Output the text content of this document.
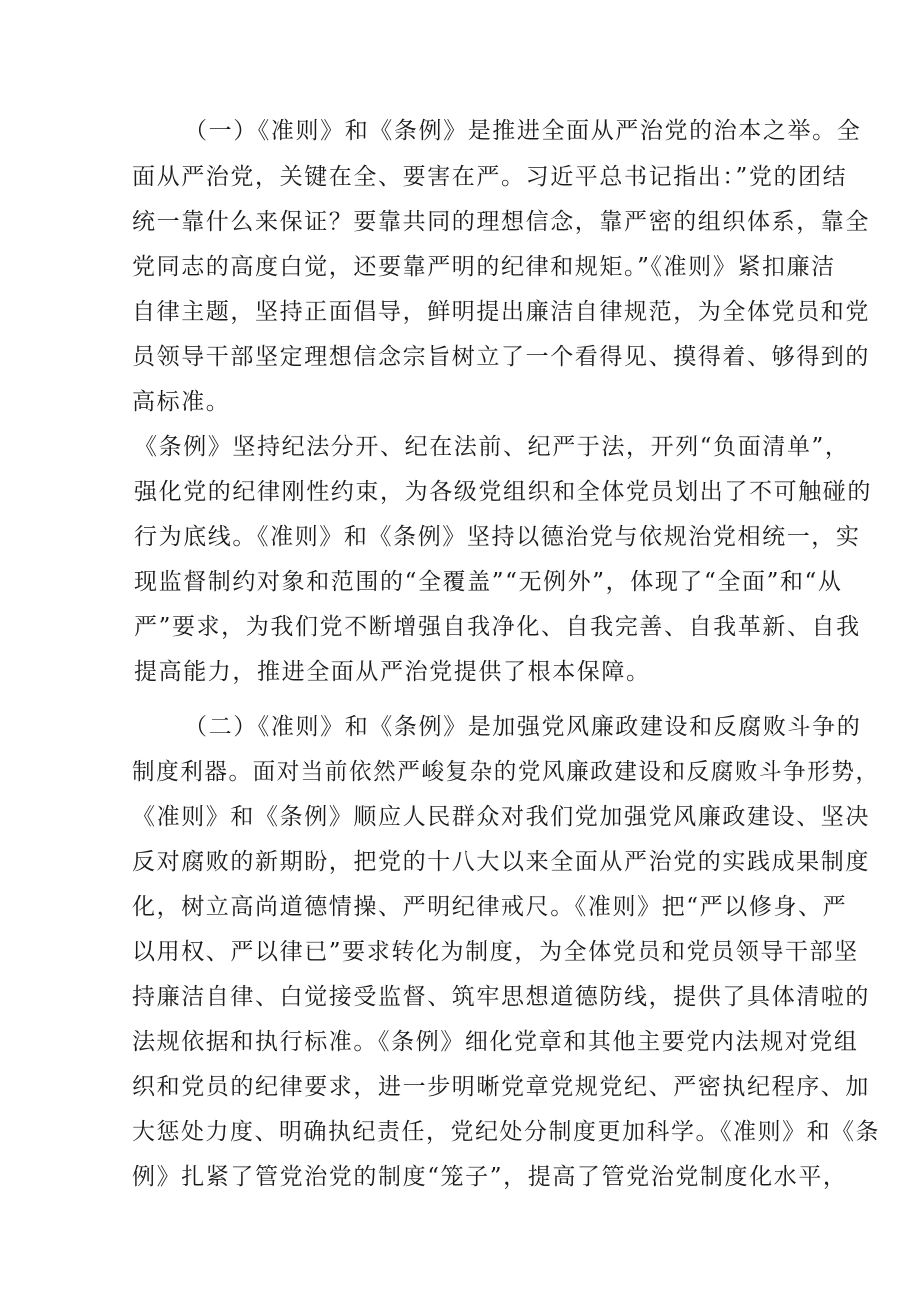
（一）《准则》和《条例》是推进全面从严治党的治本之举。全
面从严治党，关键在全、要害在严。习近平总书记指出：”党的团结
统一靠什么来保证？要靠共同的理想信念，靠严密的组织体系，靠全
党同志的高度白觉，还要靠严明的纪律和规矩。”《准则》紧扣廉洁
自律主题，坚持正面倡导，鲜明提出廉洁自律规范，为全体党员和党
员领导干部坚定理想信念宗旨树立了一个看得见、摸得着、够得到的
高标准。
《条例》坚持纪法分开、纪在法前、纪严于法，开列“负面清单”，
强化党的纪律刚性约束，为各级党组织和全体党员划出了不可触碰的
行为底线。《准则》和《条例》坚持以德治党与依规治党相统一，实
现监督制约对象和范围的“全覆盖”“无例外”，体现了“全面”和“从
严”要求，为我们党不断增强自我净化、自我完善、自我革新、自我
提高能力，推进全面从严治党提供了根本保障。
（二）《准则》和《条例》是加强党风廉政建设和反腐败斗争的
制度利器。面对当前依然严峻复杂的党风廉政建设和反腐败斗争形势，
《准则》和《条例》顺应人民群众对我们党加强党风廉政建设、坚决
反对腐败的新期盼，把党的十八大以来全面从严治党的实践成果制度
化，树立高尚道德情操、严明纪律戒尺。《准则》把“严以修身、严
以用权、严以律已”要求转化为制度，为全体党员和党员领导干部坚
持廉洁自律、白觉接受监督、筑牢思想道德防线，提供了具体清啦的
法规依据和执行标准。《条例》细化党章和其他主要党内法规对党组
织和党员的纪律要求，进一步明晰党章党规党纪、严密执纪程序、加
大惩处力度、明确执纪责任，党纪处分制度更加科学。《准则》和《条
例》扎紧了管党治党的制度“笼子”，提高了管党治党制度化水平，
